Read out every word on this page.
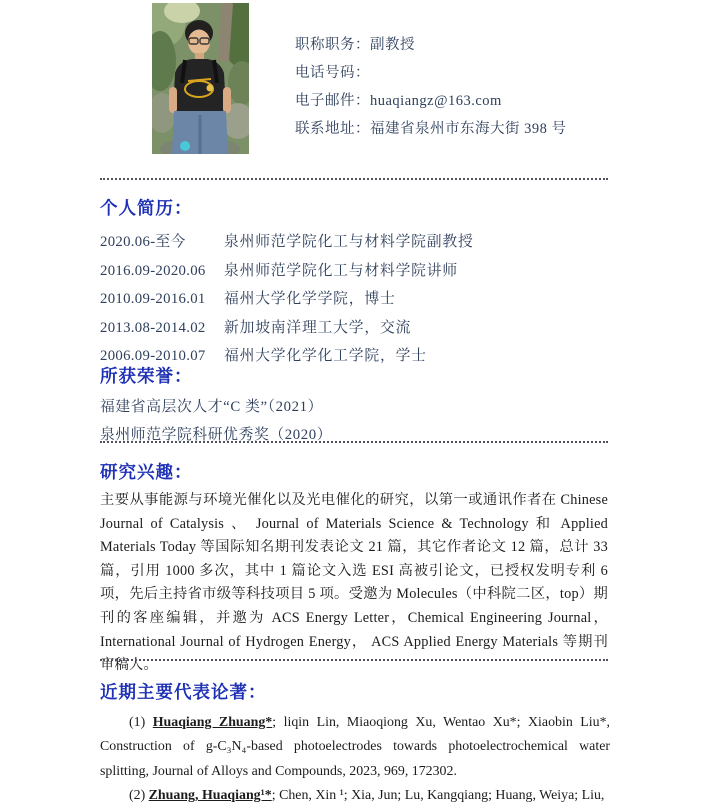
职称职务：副教授
电话号码：
电子邮件：huaqiangz@163.com
联系地址：福建省泉州市东海大街 398 号
个人简历：
2020.06-至今	泉州师范学院化工与材料学院副教授
2016.09-2020.06	泉州师范学院化工与材料学院讲师
2010.09-2016.01	福州大学化学学院，博士
2013.08-2014.02	新加坡南洋理工大学，交流
2006.09-2010.07	福州大学化学化工学院，学士
所获荣誉：
福建省高层次人才“C 类”（2021）
泉州师范学院科研优秀奖（2020）
研究兴趣：

主要从事能源与环境光催化以及光电催化的研究，以第一或通讯作者在 Chinese Journal of Catalysis 、 Journal of Materials Science & Technology 和 Applied Materials Today 等国际知名期刊发表论文 21 篇，其它作者论文 12 篇，总计 33 篇，引用 1000 多次，其中 1 篇论文入选 ESI 高被引论文，已授权发明专利 6 项，先后主持省市级等科技项目 5 项。受邀为 Molecules（中科院二区，top）期刊的客座编辑，并邀为 ACS Energy Letter，Chemical Engineering Journal，International Journal of Hydrogen Energy， ACS Applied Energy Materials 等期刊审稿人。

近期主要代表论著：

(1) Huaqiang Zhuang*; liqin Lin, Miaoqiong Xu, Wentao Xu*; Xiaobin Liu*, Construction of g-C₃N₄-based photoelectrodes towards photoelectrochemical water splitting, Journal of Alloys and Compounds, 2023, 969, 172302.

(2) Zhuang, Huaqiang¹*; Chen, Xin ¹; Xia, Jun; Lu, Kangqiang; Huang, Weiya; Liu,
